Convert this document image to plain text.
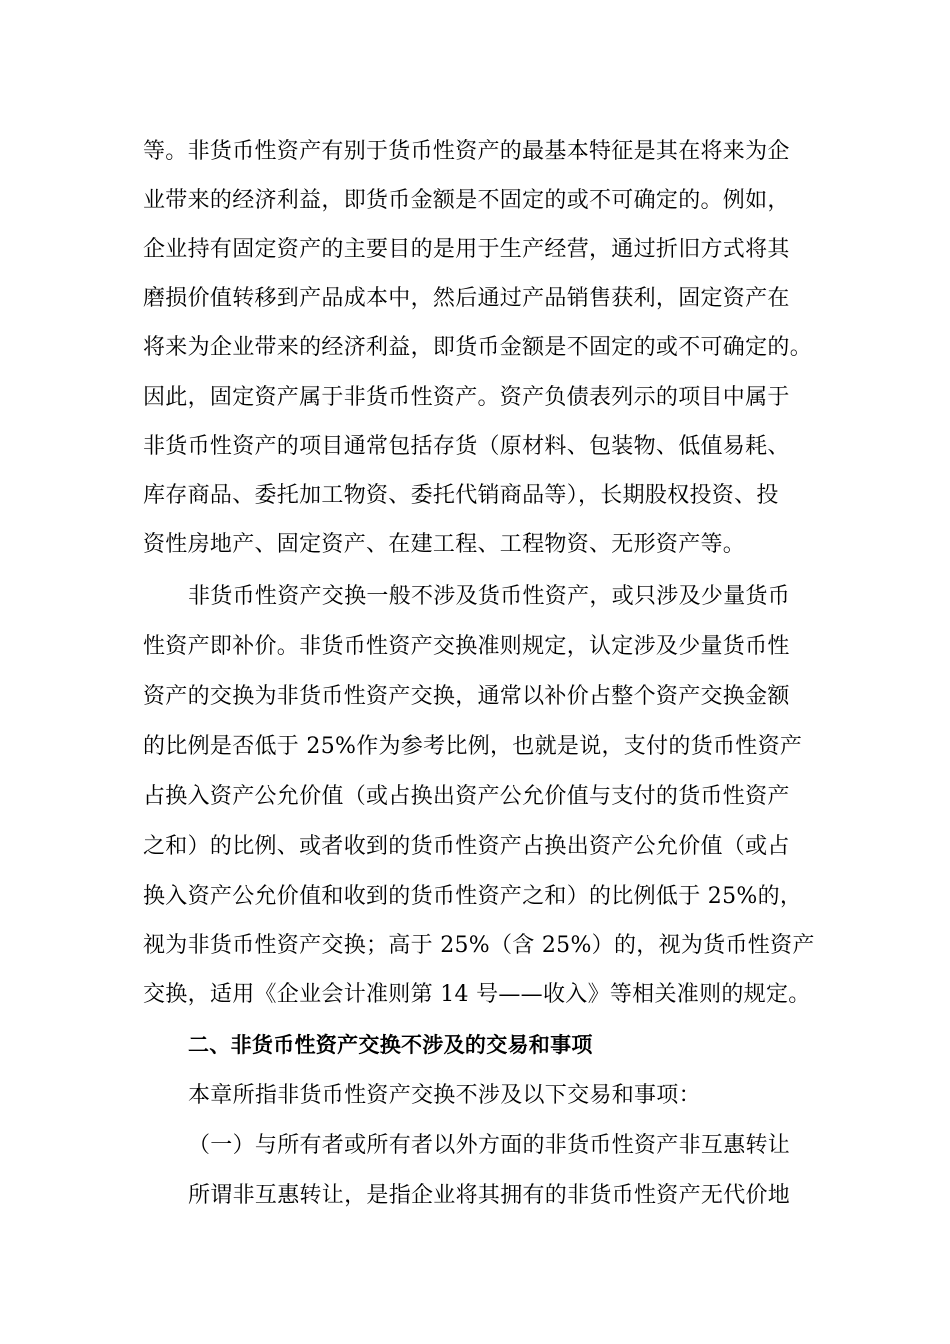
等。非货币性资产有别于货币性资产的最基本特征是其在将来为企
业带来的经济利益，即货币金额是不固定的或不可确定的。例如，
企业持有固定资产的主要目的是用于生产经营，通过折旧方式将其
磨损价值转移到产品成本中，然后通过产品销售获利，固定资产在
将来为企业带来的经济利益，即货币金额是不固定的或不可确定的。
因此，固定资产属于非货币性资产。资产负债表列示的项目中属于
非货币性资产的项目通常包括存货（原材料、包装物、低值易耗、
库存商品、委托加工物资、委托代销商品等），长期股权投资、投
资性房地产、固定资产、在建工程、工程物资、无形资产等。
非货币性资产交换一般不涉及货币性资产，或只涉及少量货币
性资产即补价。非货币性资产交换准则规定，认定涉及少量货币性
资产的交换为非货币性资产交换，通常以补价占整个资产交换金额
的比例是否低于 25%作为参考比例，也就是说，支付的货币性资产
占换入资产公允价值（或占换出资产公允价值与支付的货币性资产
之和）的比例、或者收到的货币性资产占换出资产公允价值（或占
换入资产公允价值和收到的货币性资产之和）的比例低于 25%的，
视为非货币性资产交换；高于 25%（含 25%）的，视为货币性资产
交换，适用《企业会计准则第 14 号——收入》等相关准则的规定。
二、非货币性资产交换不涉及的交易和事项
本章所指非货币性资产交换不涉及以下交易和事项：
（一）与所有者或所有者以外方面的非货币性资产非互惠转让
所谓非互惠转让，是指企业将其拥有的非货币性资产无代价地
